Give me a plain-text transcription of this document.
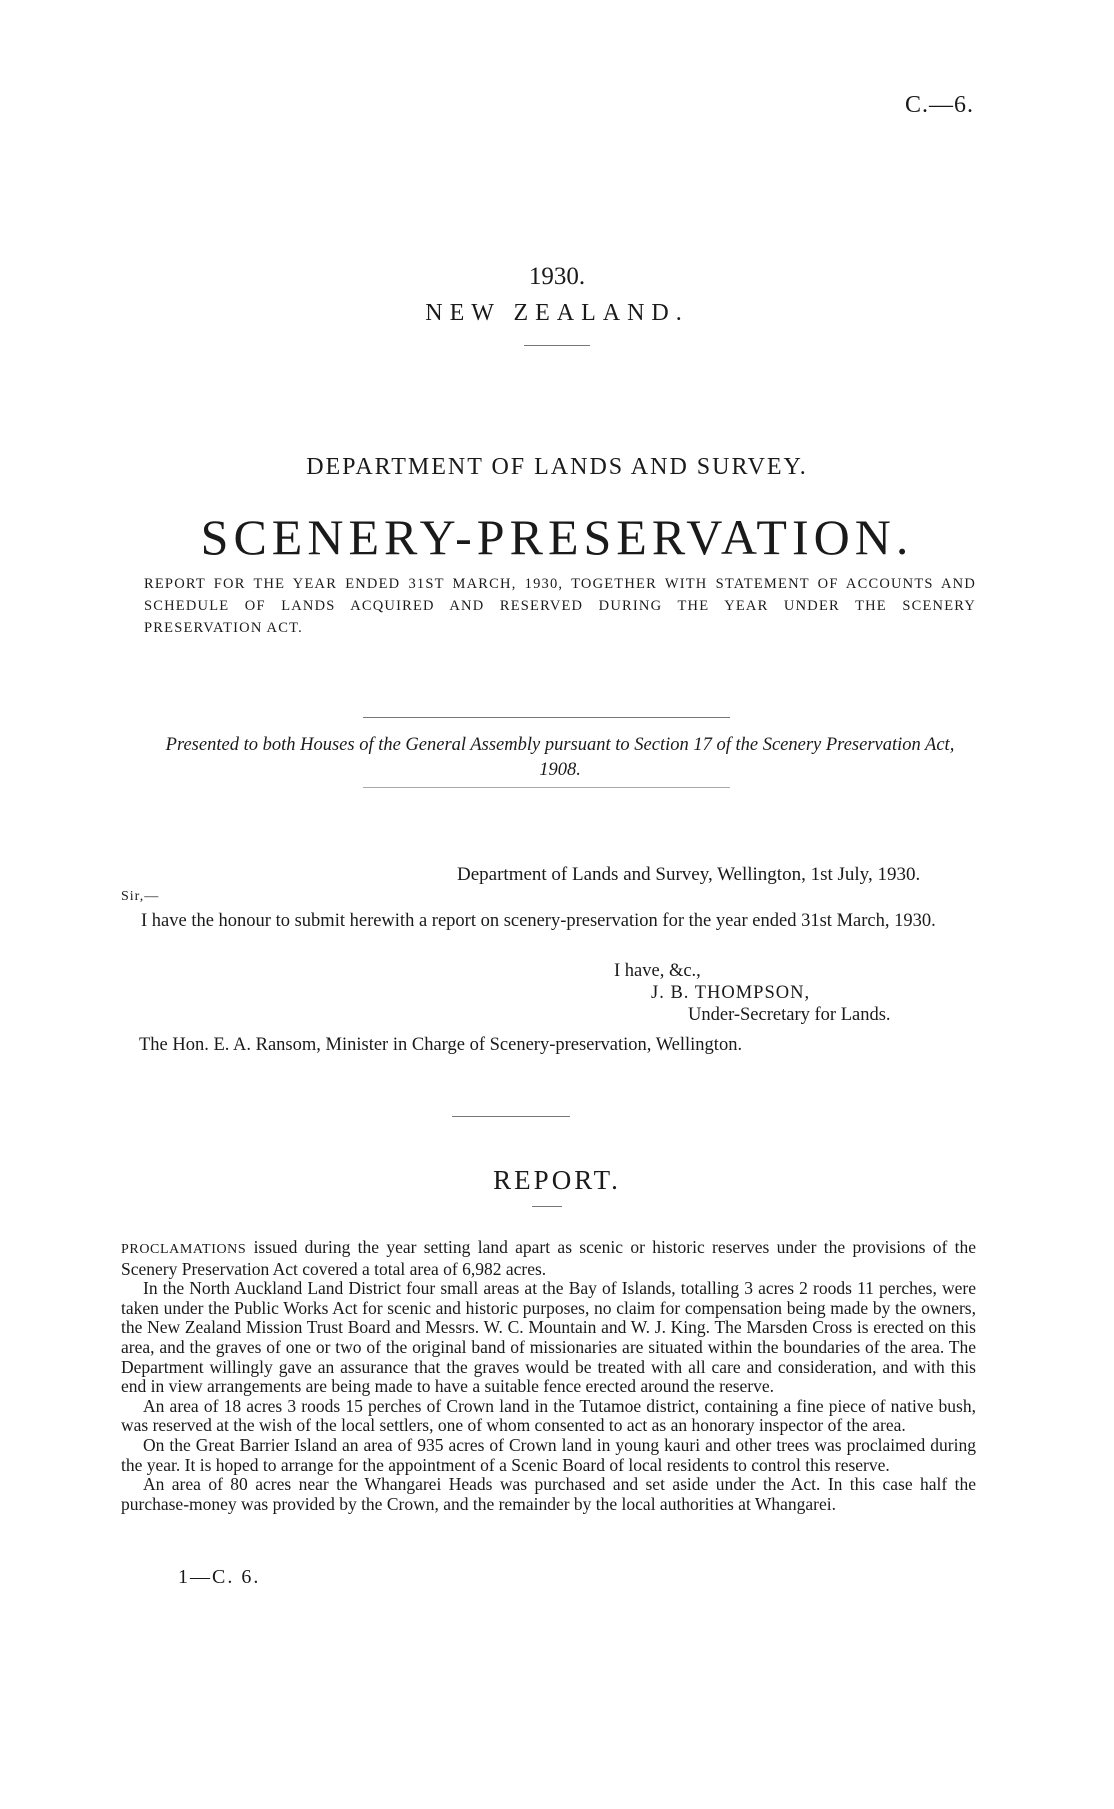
C.—6.
1930.
NEW ZEALAND.
DEPARTMENT OF LANDS AND SURVEY.
SCENERY-PRESERVATION.
REPORT FOR THE YEAR ENDED 31ST MARCH, 1930, TOGETHER WITH STATEMENT OF ACCOUNTS AND SCHEDULE OF LANDS ACQUIRED AND RESERVED DURING THE YEAR UNDER THE SCENERY PRESERVATION ACT.
Presented to both Houses of the General Assembly pursuant to Section 17 of the Scenery Preservation Act, 1908.
Department of Lands and Survey, Wellington, 1st July, 1930.
Sir,—
I have the honour to submit herewith a report on scenery-preservation for the year ended 31st March, 1930.
I have, &c.,
J. B. THOMPSON,
Under-Secretary for Lands.
The Hon. E. A. Ransom, Minister in Charge of Scenery-preservation, Wellington.
REPORT.

PROCLAMATIONS issued during the year setting land apart as scenic or historic reserves under the provisions of the Scenery Preservation Act covered a total area of 6,982 acres.

In the North Auckland Land District four small areas at the Bay of Islands, totalling 3 acres 2 roods 11 perches, were taken under the Public Works Act for scenic and historic purposes, no claim for compensation being made by the owners, the New Zealand Mission Trust Board and Messrs. W. C. Mountain and W. J. King. The Marsden Cross is erected on this area, and the graves of one or two of the original band of missionaries are situated within the boundaries of the area. The Department willingly gave an assurance that the graves would be treated with all care and consideration, and with this end in view arrangements are being made to have a suitable fence erected around the reserve.

An area of 18 acres 3 roods 15 perches of Crown land in the Tutamoe district, containing a fine piece of native bush, was reserved at the wish of the local settlers, one of whom consented to act as an honorary inspector of the area.

On the Great Barrier Island an area of 935 acres of Crown land in young kauri and other trees was proclaimed during the year. It is hoped to arrange for the appointment of a Scenic Board of local residents to control this reserve.

An area of 80 acres near the Whangarei Heads was purchased and set aside under the Act. In this case half the purchase-money was provided by the Crown, and the remainder by the local authorities at Whangarei.

1—C. 6.
